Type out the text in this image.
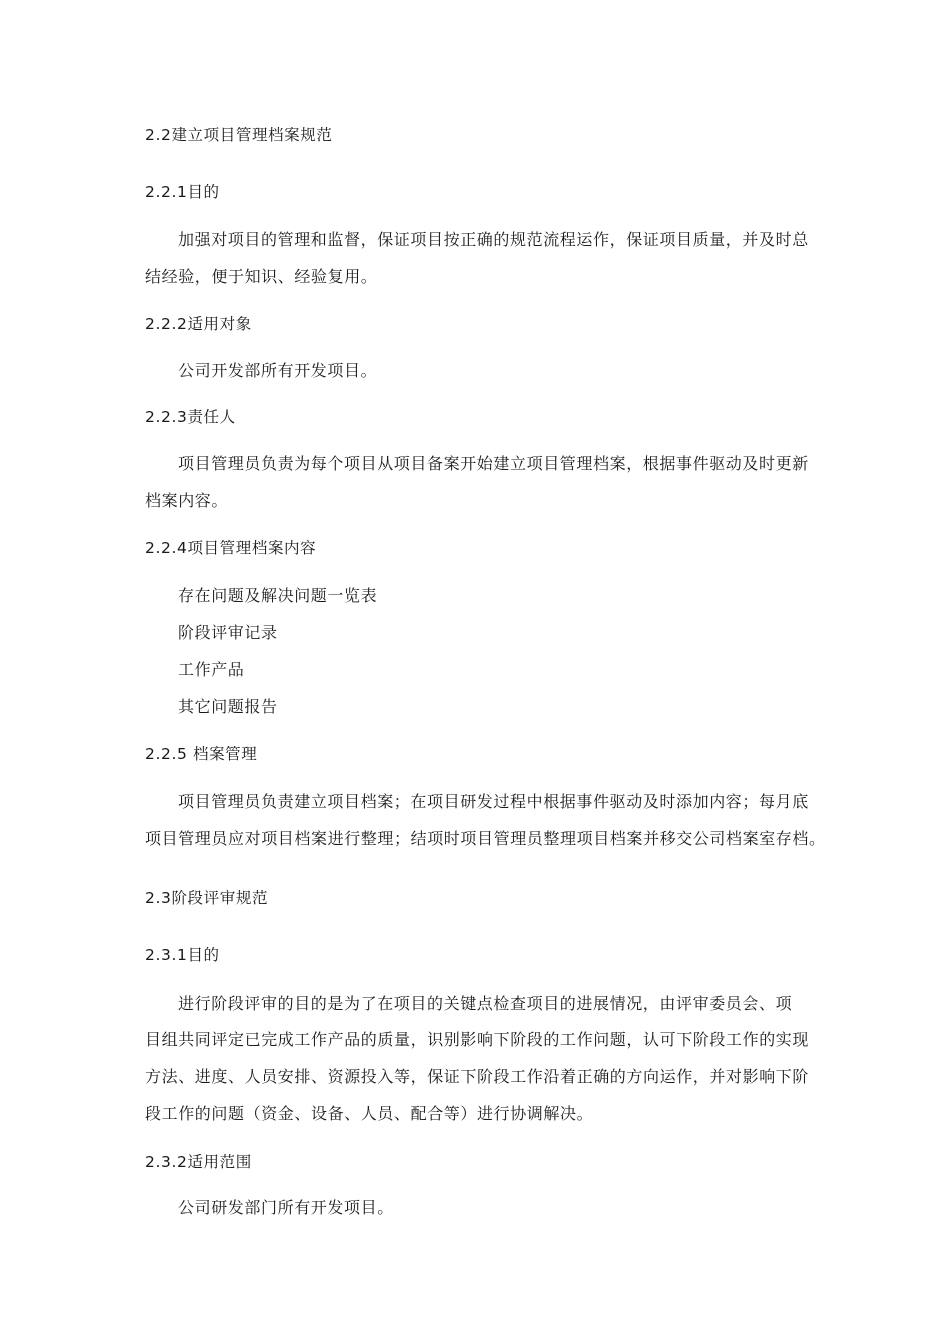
2.2建立项目管理档案规范
2.2.1目的
加强对项目的管理和监督，保证项目按正确的规范流程运作，保证项目质量，并及时总
结经验，便于知识、经验复用。
2.2.2适用对象
公司开发部所有开发项目。
2.2.3责任人
项目管理员负责为每个项目从项目备案开始建立项目管理档案，根据事件驱动及时更新
档案内容。
2.2.4项目管理档案内容
存在问题及解决问题一览表
阶段评审记录
工作产品
其它问题报告
2.2.5 档案管理
项目管理员负责建立项目档案；在项目研发过程中根据事件驱动及时添加内容；每月底
项目管理员应对项目档案进行整理；结项时项目管理员整理项目档案并移交公司档案室存档。
2.3阶段评审规范
2.3.1目的
进行阶段评审的目的是为了在项目的关键点检查项目的进展情况，由评审委员会、项
目组共同评定已完成工作产品的质量，识别影响下阶段的工作问题，认可下阶段工作的实现
方法、进度、人员安排、资源投入等，保证下阶段工作沿着正确的方向运作，并对影响下阶
段工作的问题（资金、设备、人员、配合等）进行协调解决。
2.3.2适用范围
公司研发部门所有开发项目。
